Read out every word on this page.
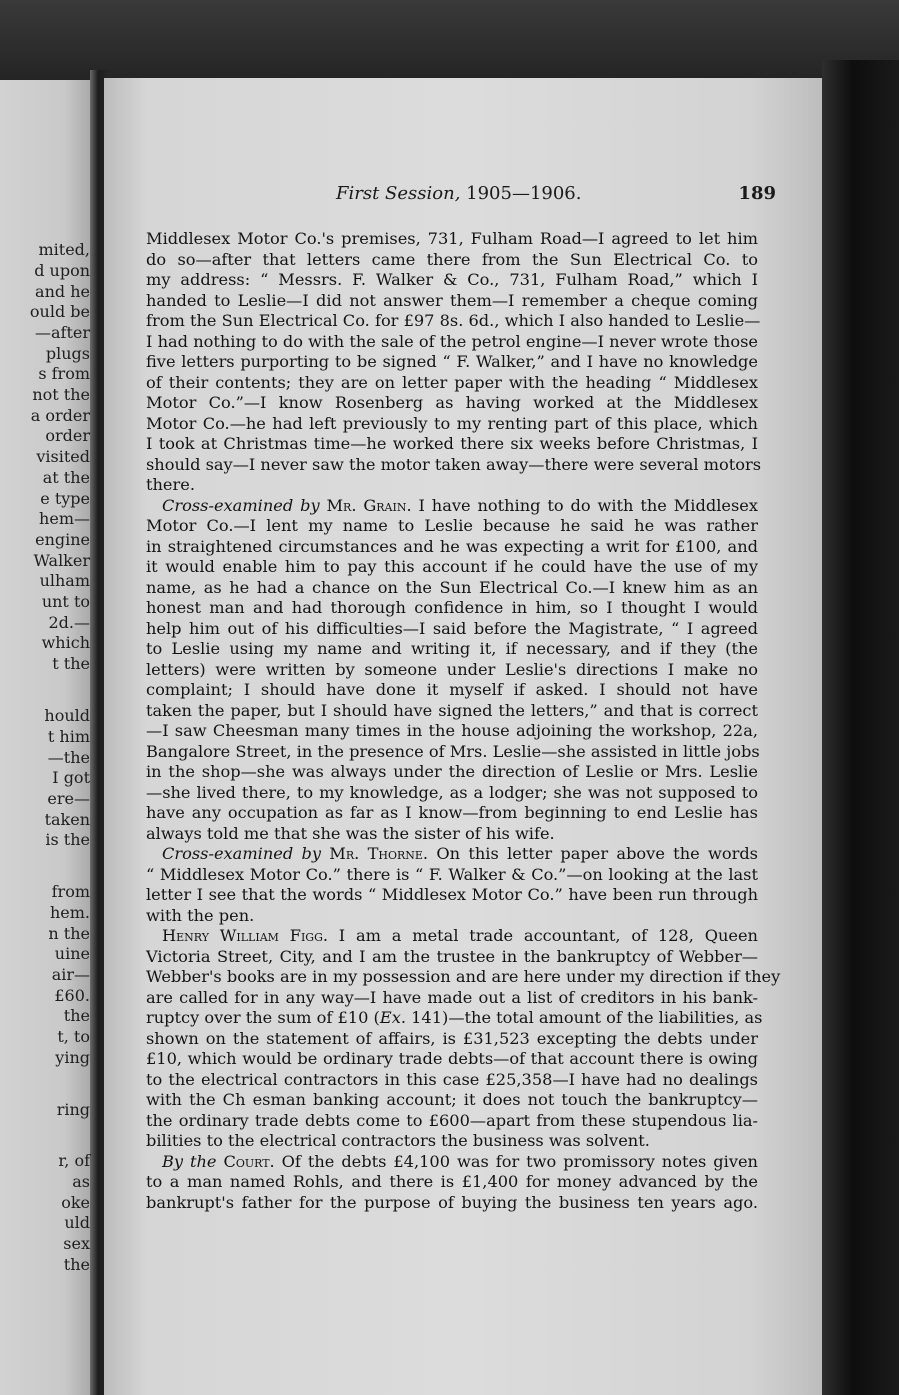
mited,

d upon

and he

ould be

—after

plugs

s from

not the

a order

order

visited

at the

e type

hem—

engine

Walker

ulham

unt to

2d.—

which

t the

hould

t him

—the

I got

ere—

taken

is the

from

hem.

n the

uine

air—

£60.

the

t, to

ying

ring

r, of

as

oke

uld

sex

the

First Session, 1905—1906.	189
Middlesex Motor Co.'s premises, 731, Fulham Road—I agreed to let him
do so—after that letters came there from the Sun Electrical Co. to
my address: “ Messrs. F. Walker & Co., 731, Fulham Road,” which I
handed to Leslie—I did not answer them—I remember a cheque coming
from the Sun Electrical Co. for £97 8s. 6d., which I also handed to Leslie—
I had nothing to do with the sale of the petrol engine—I never wrote those
five letters purporting to be signed “ F. Walker,” and I have no knowledge
of their contents; they are on letter paper with the heading “ Middlesex
Motor Co.”—I know Rosenberg as having worked at the Middlesex
Motor Co.—he had left previously to my renting part of this place, which
I took at Christmas time—he worked there six weeks before Christmas, I
should say—I never saw the motor taken away—there were several motors
there.
Cross-examined by Mr. Grain. I have nothing to do with the Middlesex
Motor Co.—I lent my name to Leslie because he said he was rather
in straightened circumstances and he was expecting a writ for £100, and
it would enable him to pay this account if he could have the use of my
name, as he had a chance on the Sun Electrical Co.—I knew him as an
honest man and had thorough confidence in him, so I thought I would
help him out of his difficulties—I said before the Magistrate, “ I agreed
to Leslie using my name and writing it, if necessary, and if they (the
letters) were written by someone under Leslie's directions I make no
complaint; I should have done it myself if asked. I should not have
taken the paper, but I should have signed the letters,” and that is correct
—I saw Cheesman many times in the house adjoining the workshop, 22a,
Bangalore Street, in the presence of Mrs. Leslie—she assisted in little jobs
in the shop—she was always under the direction of Leslie or Mrs. Leslie
—she lived there, to my knowledge, as a lodger; she was not supposed to
have any occupation as far as I know—from beginning to end Leslie has
always told me that she was the sister of his wife.
Cross-examined by Mr. Thorne. On this letter paper above the words
“ Middlesex Motor Co.” there is “ F. Walker & Co.”—on looking at the last
letter I see that the words “ Middlesex Motor Co.” have been run through
with the pen.
Henry William Figg. I am a metal trade accountant, of 128, Queen
Victoria Street, City, and I am the trustee in the bankruptcy of Webber—
Webber's books are in my possession and are here under my direction if they
are called for in any way—I have made out a list of creditors in his bank-
ruptcy over the sum of £10 (Ex. 141)—the total amount of the liabilities, as
shown on the statement of affairs, is £31,523 excepting the debts under
£10, which would be ordinary trade debts—of that account there is owing
to the electrical contractors in this case £25,358—I have had no dealings
with the Ch esman banking account; it does not touch the bankruptcy—
the ordinary trade debts come to £600—apart from these stupendous lia-
bilities to the electrical contractors the business was solvent.
By the Court. Of the debts £4,100 was for two promissory notes given
to a man named Rohls, and there is £1,400 for money advanced by the
bankrupt's father for the purpose of buying the business ten years ago.
